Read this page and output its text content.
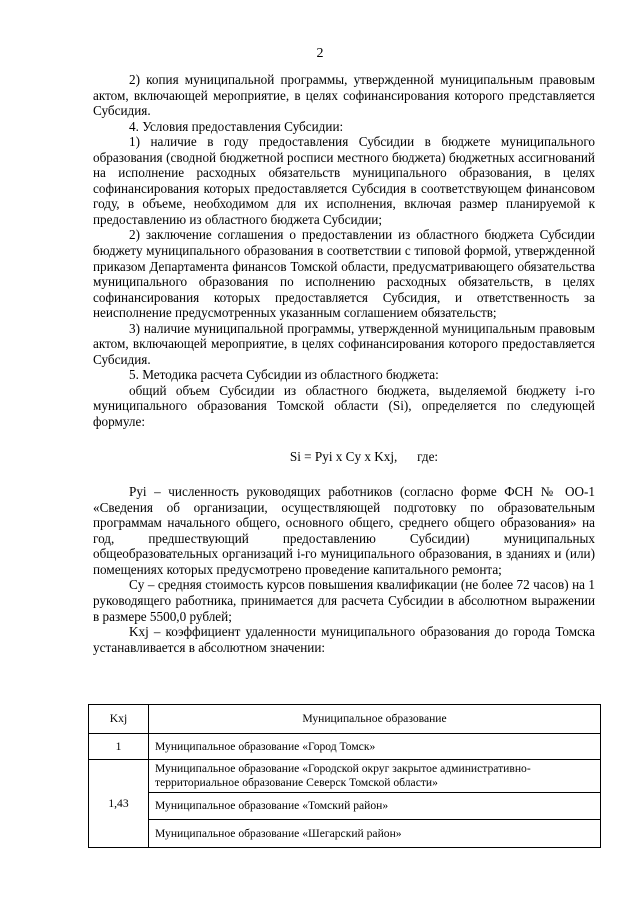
2

2) копия муниципальной программы, утвержденной муниципальным правовым актом, включающей мероприятие, в целях софинансирования которого представляется Субсидия.

4. Условия предоставления Субсидии:

1) наличие в году предоставления Субсидии в бюджете муниципального образования (сводной бюджетной росписи местного бюджета) бюджетных ассигнований на исполнение расходных обязательств муниципального образования, в целях софинансирования которых предоставляется Субсидия в соответствующем финансовом году, в объеме, необходимом для их исполнения, включая размер планируемой к предоставлению из областного бюджета Субсидии;

2) заключение соглашения о предоставлении из областного бюджета Субсидии бюджету муниципального образования в соответствии с типовой формой, утвержденной приказом Департамента финансов Томской области, предусматривающего обязательства муниципального образования по исполнению расходных обязательств, в целях софинансирования которых предоставляется Субсидия, и ответственность за неисполнение предусмотренных указанным соглашением обязательств;

3) наличие муниципальной программы, утвержденной муниципальным правовым актом, включающей мероприятие, в целях софинансирования которого предоставляется Субсидия.

5. Методика расчета Субсидии из областного бюджета:

общий объем Субсидии из областного бюджета, выделяемой бюджету i-го муниципального образования Томской области (Si), определяется по следующей формуле:

Si = Pyi x Cy x Kxj,      где:

Pyi – численность руководящих работников (согласно форме ФСН № ОО-1 «Сведения об организации, осуществляющей подготовку по образовательным программам начального общего, основного общего, среднего общего образования» на год, предшествующий предоставлению Субсидии) муниципальных общеобразовательных организаций i-го муниципального образования, в зданиях и (или) помещениях которых предусмотрено проведение капитального ремонта;

Cy – средняя стоимость курсов повышения квалификации (не более 72 часов) на 1 руководящего работника, принимается для расчета Субсидии в абсолютном выражении в размере 5500,0 рублей;

Kxj – коэффициент удаленности муниципального образования до города Томска устанавливается в абсолютном значении:

Kxj	Муниципальное образование
1	Муниципальное образование «Город Томск»
1,43	Муниципальное образование «Городской округ закрытое административно-территориальное образование Северск Томской области»
	Муниципальное образование «Томский район»
	Муниципальное образование «Шегарский район»
